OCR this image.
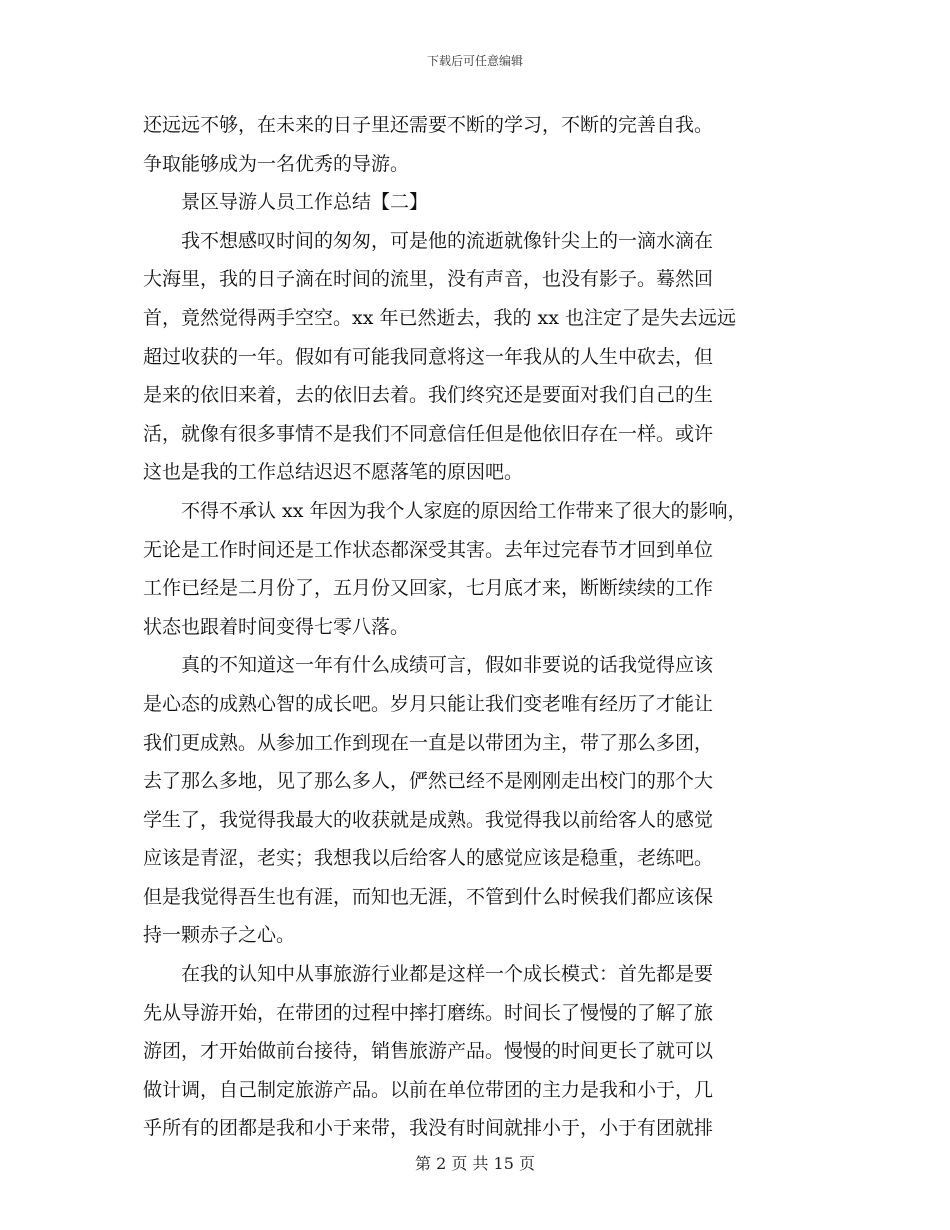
下载后可任意编辑
还远远不够，在未来的日子里还需要不断的学习，不断的完善自我。
争取能够成为一名优秀的导游。
　　景区导游人员工作总结【二】
　　我不想感叹时间的匆匆，可是他的流逝就像针尖上的一滴水滴在
大海里，我的日子滴在时间的流里，没有声音，也没有影子。蓦然回
首，竟然觉得两手空空。xx 年已然逝去，我的 xx 也注定了是失去远远
超过收获的一年。假如有可能我同意将这一年我从的人生中砍去，但
是来的依旧来着，去的依旧去着。我们终究还是要面对我们自己的生
活，就像有很多事情不是我们不同意信任但是他依旧存在一样。或许
这也是我的工作总结迟迟不愿落笔的原因吧。
　　不得不承认 xx 年因为我个人家庭的原因给工作带来了很大的影响，
无论是工作时间还是工作状态都深受其害。去年过完春节才回到单位
工作已经是二月份了，五月份又回家，七月底才来，断断续续的工作
状态也跟着时间变得七零八落。
　　真的不知道这一年有什么成绩可言，假如非要说的话我觉得应该
是心态的成熟心智的成长吧。岁月只能让我们变老唯有经历了才能让
我们更成熟。从参加工作到现在一直是以带团为主，带了那么多团，
去了那么多地，见了那么多人，俨然已经不是刚刚走出校门的那个大
学生了，我觉得我最大的收获就是成熟。我觉得我以前给客人的感觉
应该是青涩，老实；我想我以后给客人的感觉应该是稳重，老练吧。
但是我觉得吾生也有涯，而知也无涯，不管到什么时候我们都应该保
持一颗赤子之心。
　　在我的认知中从事旅游行业都是这样一个成长模式：首先都是要
先从导游开始，在带团的过程中摔打磨练。时间长了慢慢的了解了旅
游团，才开始做前台接待，销售旅游产品。慢慢的时间更长了就可以
做计调，自己制定旅游产品。以前在单位带团的主力是我和小于，几
乎所有的团都是我和小于来带，我没有时间就排小于，小于有团就排
第 2 页 共 15 页
